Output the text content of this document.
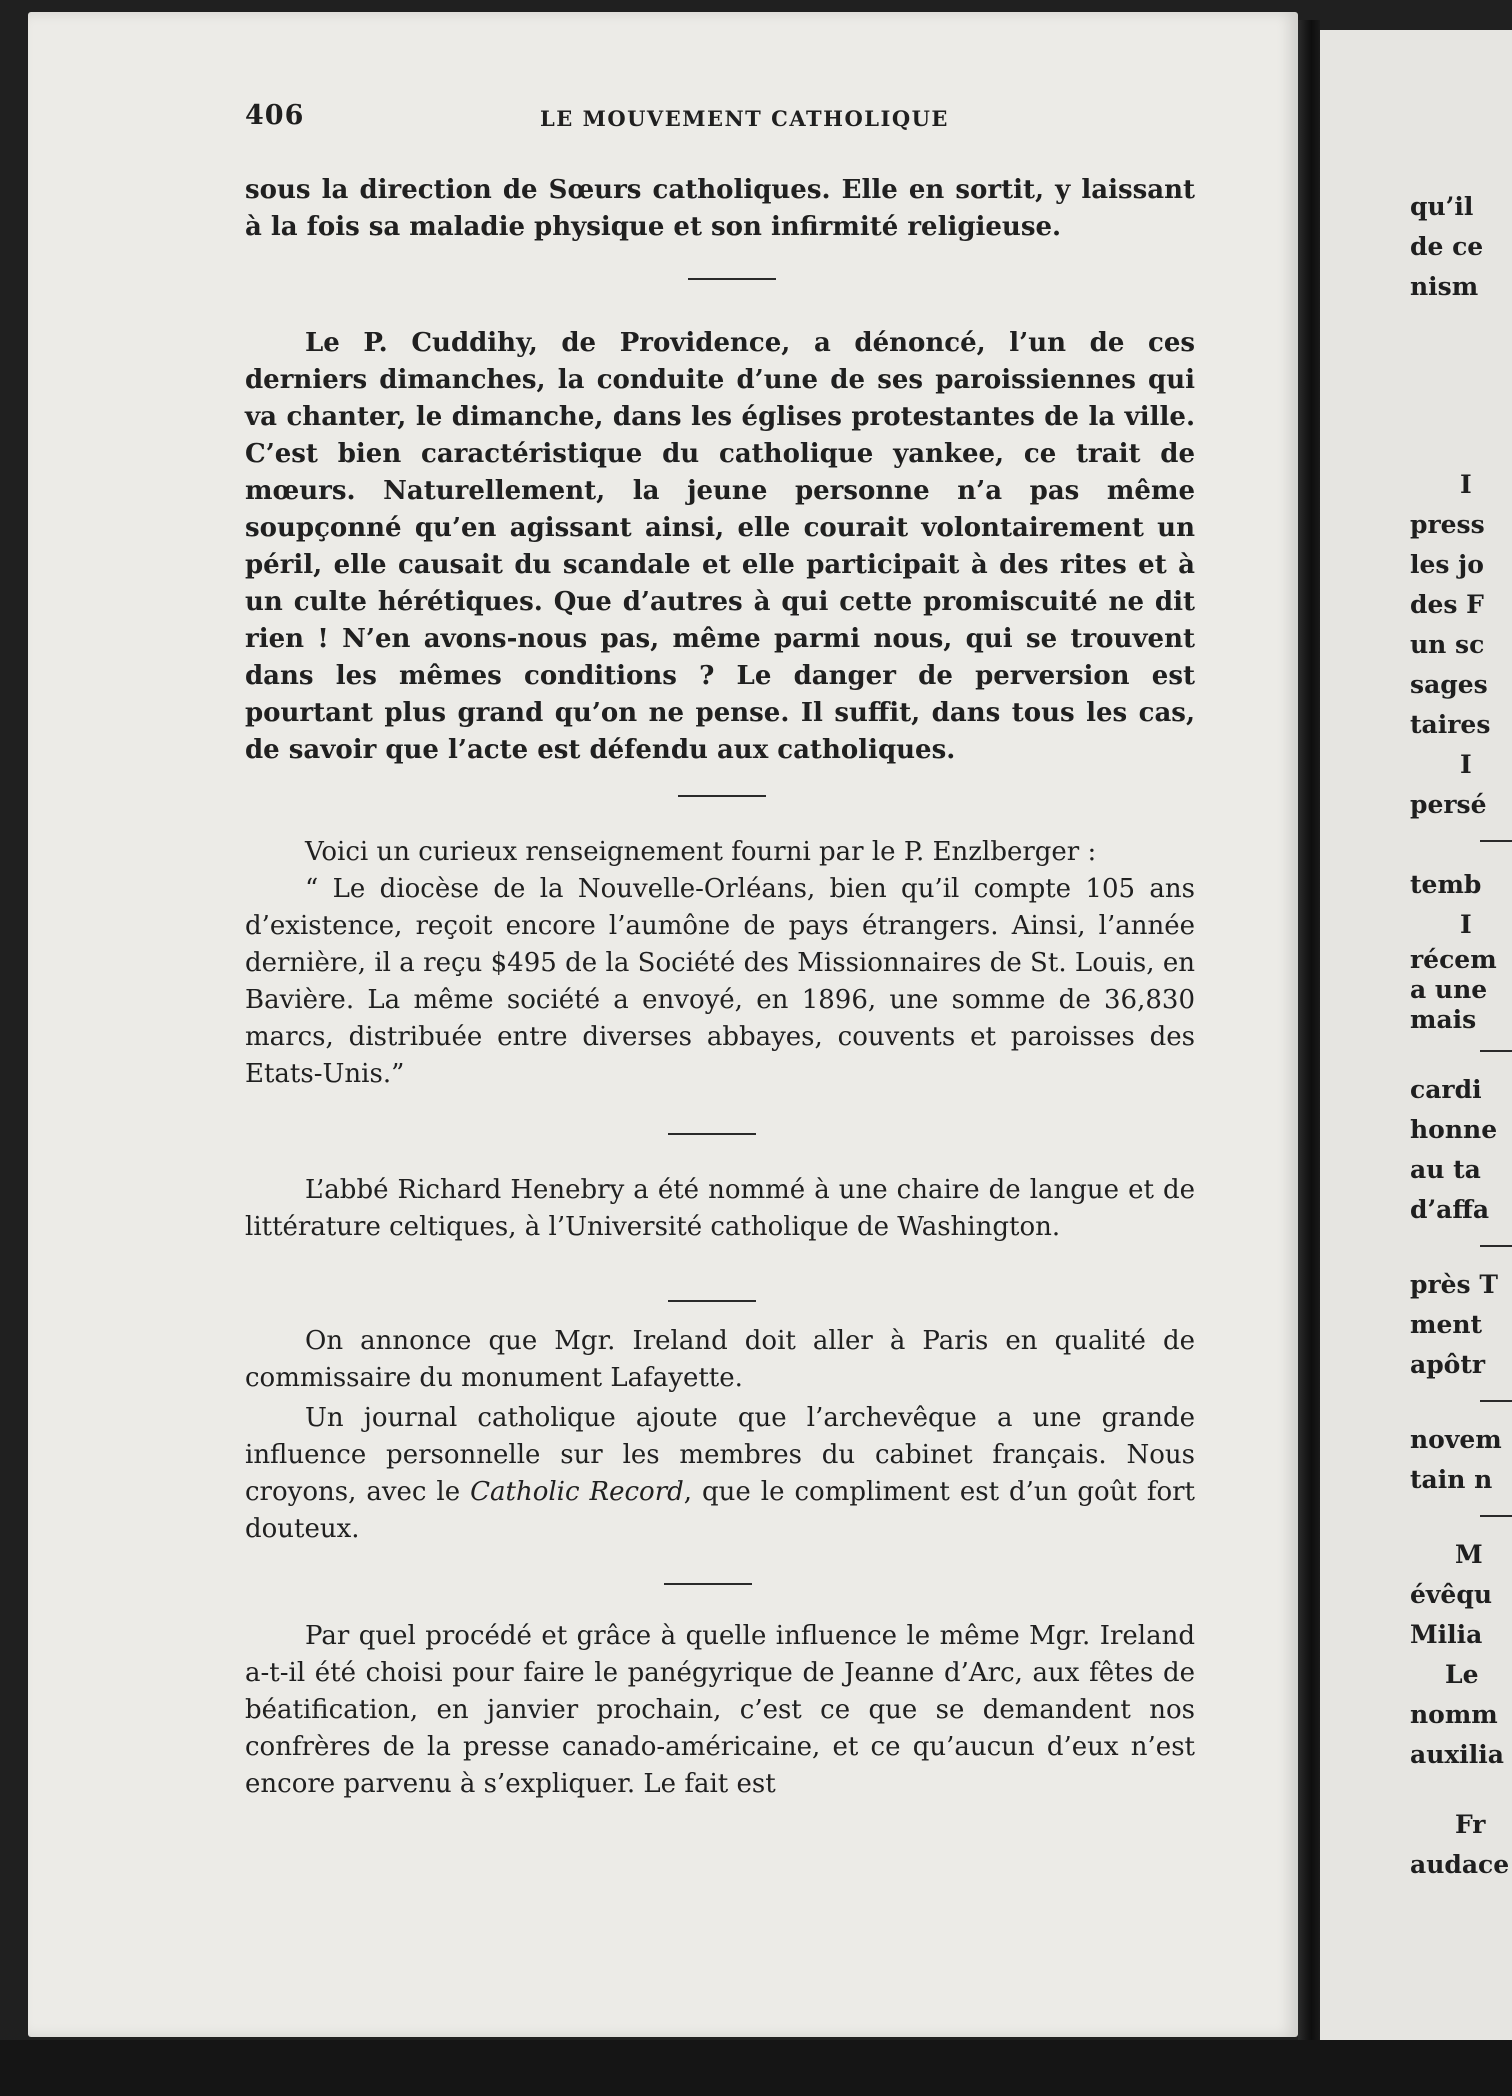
406	LE MOUVEMENT CATHOLIQUE

sous la direction de Sœurs catholiques. Elle en sortit, y laissant à la fois sa maladie physique et son infirmité religieuse.

Le P. Cuddihy, de Providence, a dénoncé, l’un de ces derniers dimanches, la conduite d’une de ses paroissiennes qui va chanter, le dimanche, dans les églises protestantes de la ville. C’est bien caractéristique du catholique yankee, ce trait de mœurs. Naturellement, la jeune personne n’a pas même soupçonné qu’en agissant ainsi, elle courait volontairement un péril, elle causait du scandale et elle participait à des rites et à un culte hérétiques. Que d’autres à qui cette promiscuité ne dit rien ! N’en avons-nous pas, même parmi nous, qui se trouvent dans les mêmes conditions ? Le danger de perversion est pourtant plus grand qu’on ne pense. Il suffit, dans tous les cas, de savoir que l’acte est défendu aux catholiques.

Voici un curieux renseignement fourni par le P. Enzlberger :

“ Le diocèse de la Nouvelle-Orléans, bien qu’il compte 105 ans d’existence, reçoit encore l’aumône de pays étrangers. Ainsi, l’année dernière, il a reçu $495 de la Société des Missionnaires de St. Louis, en Bavière. La même société a envoyé, en 1896, une somme de 36,830 marcs, distribuée entre diverses abbayes, couvents et paroisses des Etats-Unis.”

L’abbé Richard Henebry a été nommé à une chaire de langue et de littérature celtiques, à l’Université catholique de Washington.

On annonce que Mgr. Ireland doit aller à Paris en qualité de commissaire du monument Lafayette.

Un journal catholique ajoute que l’archevêque a une grande influence personnelle sur les membres du cabinet français. Nous croyons, avec le Catholic Record, que le compliment est d’un goût fort douteux.

Par quel procédé et grâce à quelle influence le même Mgr. Ireland a-t-il été choisi pour faire le panégyrique de Jeanne d’Arc, aux fêtes de béatification, en janvier prochain, c’est ce que se demandent nos confrères de la presse canado-américaine, et ce qu’aucun d’eux n’est encore parvenu à s’expliquer. Le fait est

qu’il
de ce
nism
I
press
les jo
des F
un sc
sages
taires
I
persé
temb
I
récem
a une
mais
cardi
honne
au ta
d’affa
près T
ment
apôtr
novem
tain n
M
évêqu
Milia
Le
nomm
auxilia
Fr
audace
